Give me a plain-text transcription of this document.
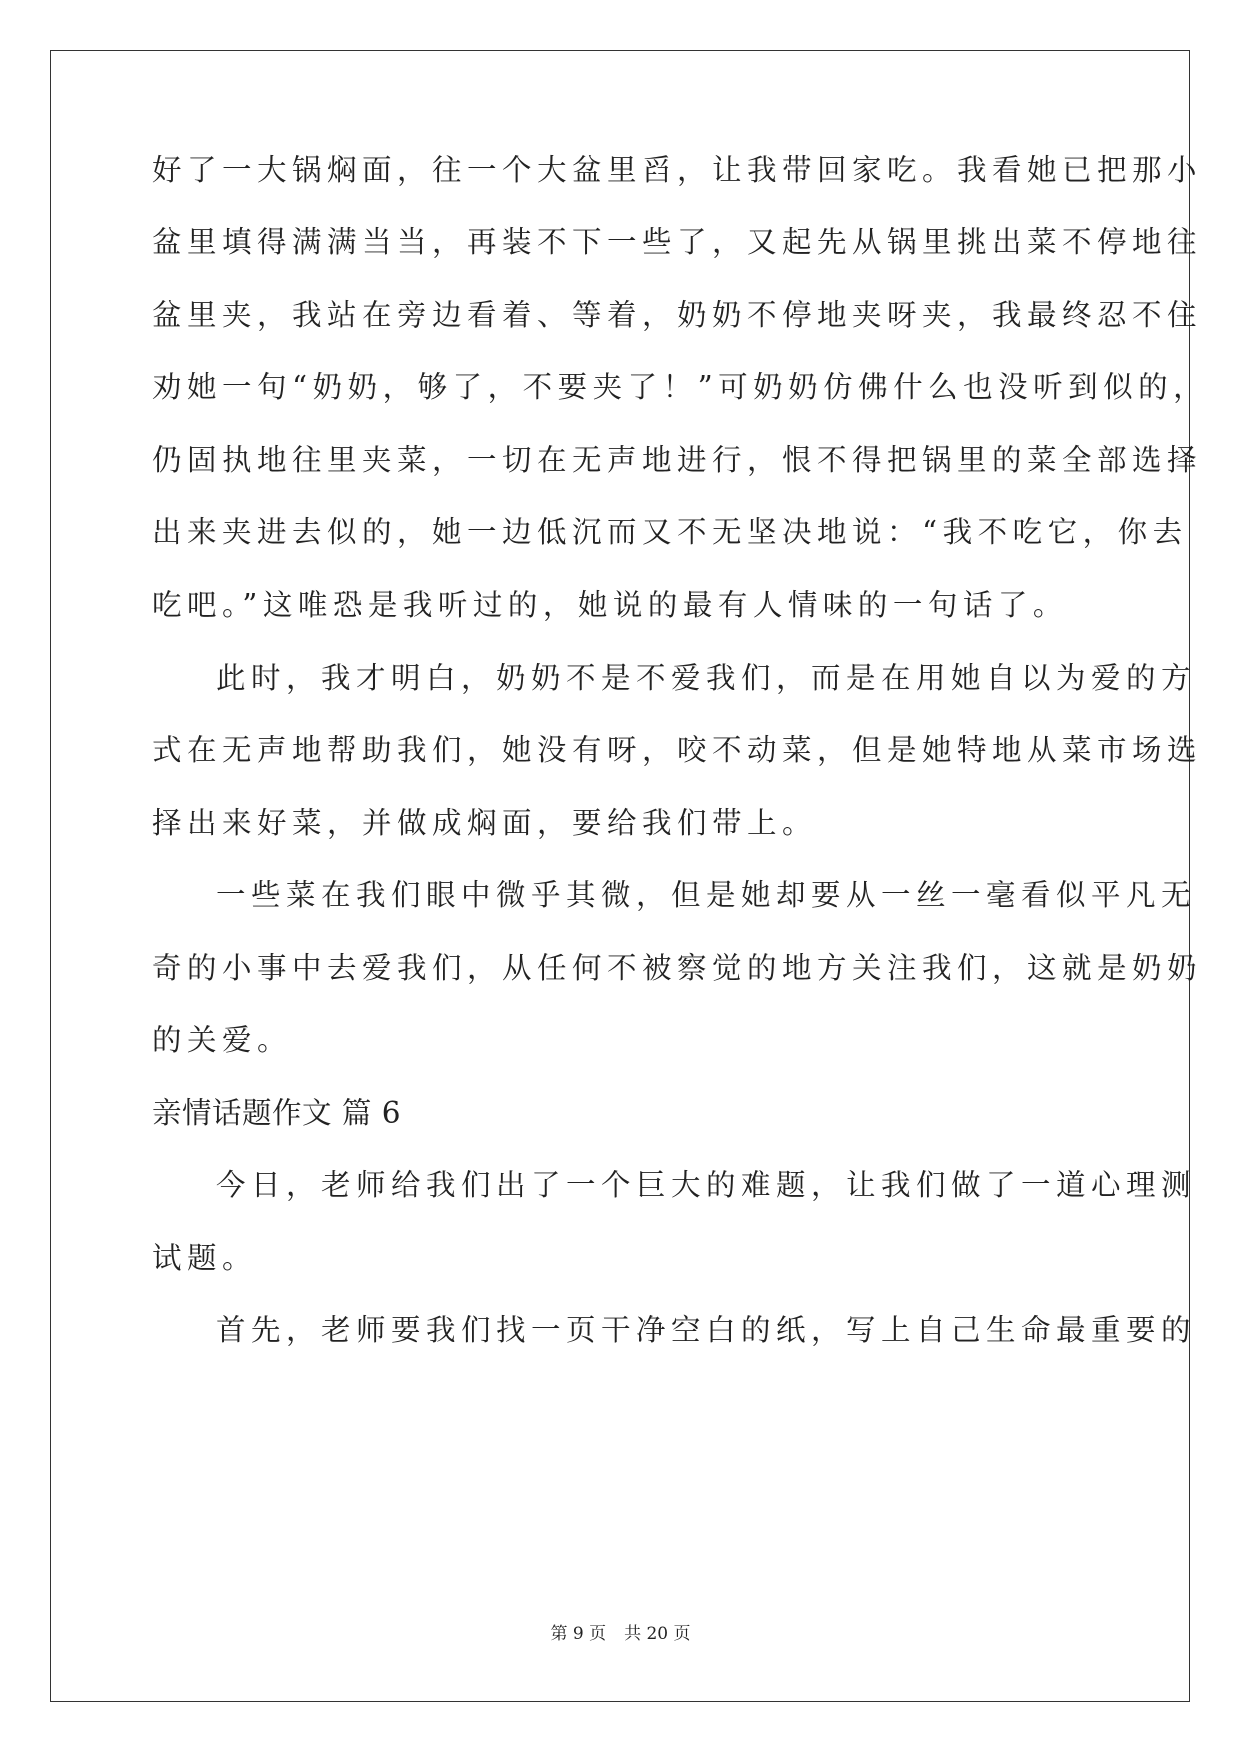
好了一大锅焖面，往一个大盆里舀，让我带回家吃。我看她已把那小
盆里填得满满当当，再装不下一些了，又起先从锅里挑出菜不停地往
盆里夹，我站在旁边看着、等着，奶奶不停地夹呀夹，我最终忍不住
劝她一句“奶奶，够了，不要夹了！”可奶奶仿佛什么也没听到似的，
仍固执地往里夹菜，一切在无声地进行，恨不得把锅里的菜全部选择
出来夹进去似的，她一边低沉而又不无坚决地说：“我不吃它，你去
吃吧。”这唯恐是我听过的，她说的最有人情味的一句话了。
此时，我才明白，奶奶不是不爱我们，而是在用她自以为爱的方
式在无声地帮助我们，她没有呀，咬不动菜，但是她特地从菜市场选
择出来好菜，并做成焖面，要给我们带上。
一些菜在我们眼中微乎其微，但是她却要从一丝一毫看似平凡无
奇的小事中去爱我们，从任何不被察觉的地方关注我们，这就是奶奶
的关爱。
亲情话题作文 篇 6
今日，老师给我们出了一个巨大的难题，让我们做了一道心理测
试题。
首先，老师要我们找一页干净空白的纸，写上自己生命最重要的
第 9 页 共 20 页
